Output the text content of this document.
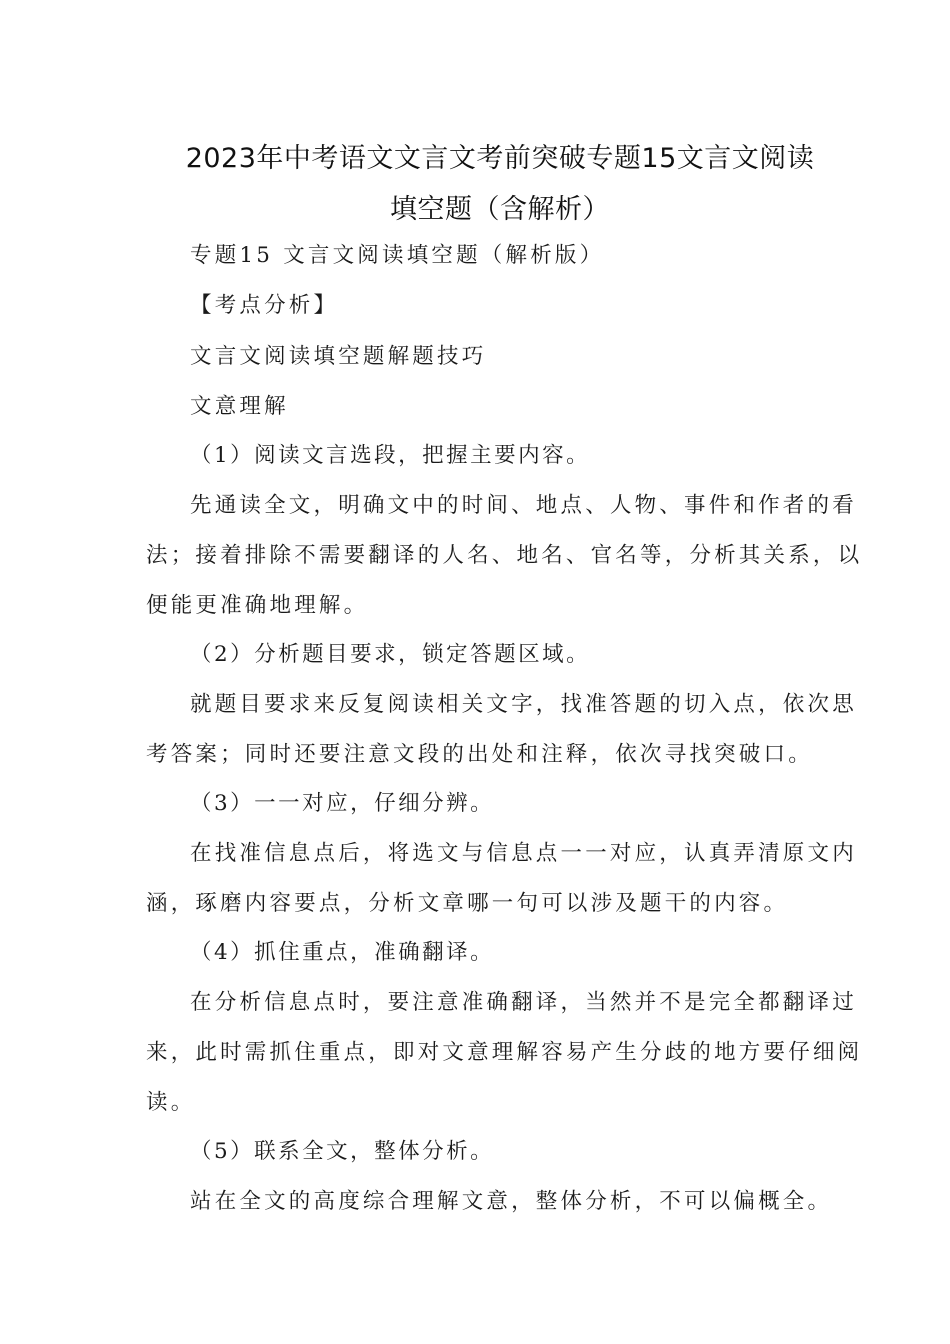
2023年中考语文文言文考前突破专题15文言文阅读
填空题（含解析）
专题15 文言文阅读填空题（解析版）
【考点分析】
文言文阅读填空题解题技巧
文意理解
（1）阅读文言选段，把握主要内容。
先通读全文，明确文中的时间、地点、人物、事件和作者的看
法；接着排除不需要翻译的人名、地名、官名等，分析其关系，以
便能更准确地理解。
（2）分析题目要求，锁定答题区域。
就题目要求来反复阅读相关文字，找准答题的切入点，依次思
考答案；同时还要注意文段的出处和注释，依次寻找突破口。
（3）一一对应，仔细分辨。
在找准信息点后，将选文与信息点一一对应，认真弄清原文内
涵，琢磨内容要点，分析文章哪一句可以涉及题干的内容。
（4）抓住重点，准确翻译。
在分析信息点时，要注意准确翻译，当然并不是完全都翻译过
来，此时需抓住重点，即对文意理解容易产生分歧的地方要仔细阅
读。
（5）联系全文，整体分析。
站在全文的高度综合理解文意，整体分析，不可以偏概全。
